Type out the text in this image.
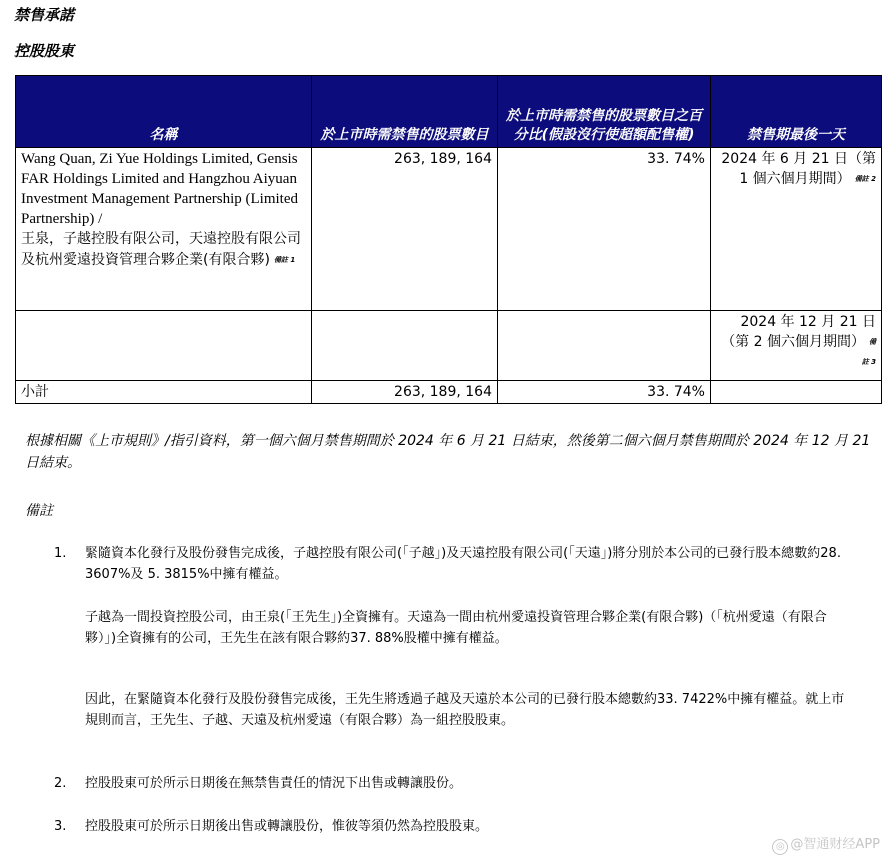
禁售承諾
控股股東
名稱	於上市時需禁售的股票數目	於上市時需禁售的股票數目之百分比(假設沒行使超額配售權)	禁售期最後一天

Wang Quan, Zi Yue Holdings Limited, Gensis FAR Holdings Limited and Hangzhou Aiyuan Investment Management Partnership (Limited Partnership) /
王泉，子越控股有限公司，天遠控股有限公司及杭州愛遠投資管理合夥企業(有限合夥) $^{備註 1}$	263, 189, 164	33. 74%	2024 年 6 月 21 日（第 1 個六個月期間） $^{備註 2}$
			2024 年 12 月 21 日（第 2 個六個月期間） $^{備註 3}$
小計	263, 189, 164	33. 74%	
根據相關《上市規則》/指引資料，第一個六個月禁售期間於 2024 年 6 月 21 日結束，然後第二個六個月禁售期間於 2024 年 12 月 21 日結束。
備註
1. 緊隨資本化發行及股份發售完成後，子越控股有限公司(「子越」)及天遠控股有限公司(「天遠」)將分別於本公司的已發行股本總數約28. 3607%及 5. 3815%中擁有權益。
子越為一間投資控股公司，由王泉(「王先生」)全資擁有。天遠為一間由杭州愛遠投資管理合夥企業(有限合夥)（「杭州愛遠（有限合夥）」)全資擁有的公司，王先生在該有限合夥約37. 88%股權中擁有權益。
因此，在緊隨資本化發行及股份發售完成後，王先生將透過子越及天遠於本公司的已發行股本總數約33. 7422%中擁有權益。就上市規則而言，王先生、子越、天遠及杭州愛遠（有限合夥）為一組控股股東。
2. 控股股東可於所示日期後在無禁售責任的情況下出售或轉讓股份。
3. 控股股東可於所示日期後出售或轉讓股份，惟彼等須仍然為控股股東。
◎ @智通财经APP
